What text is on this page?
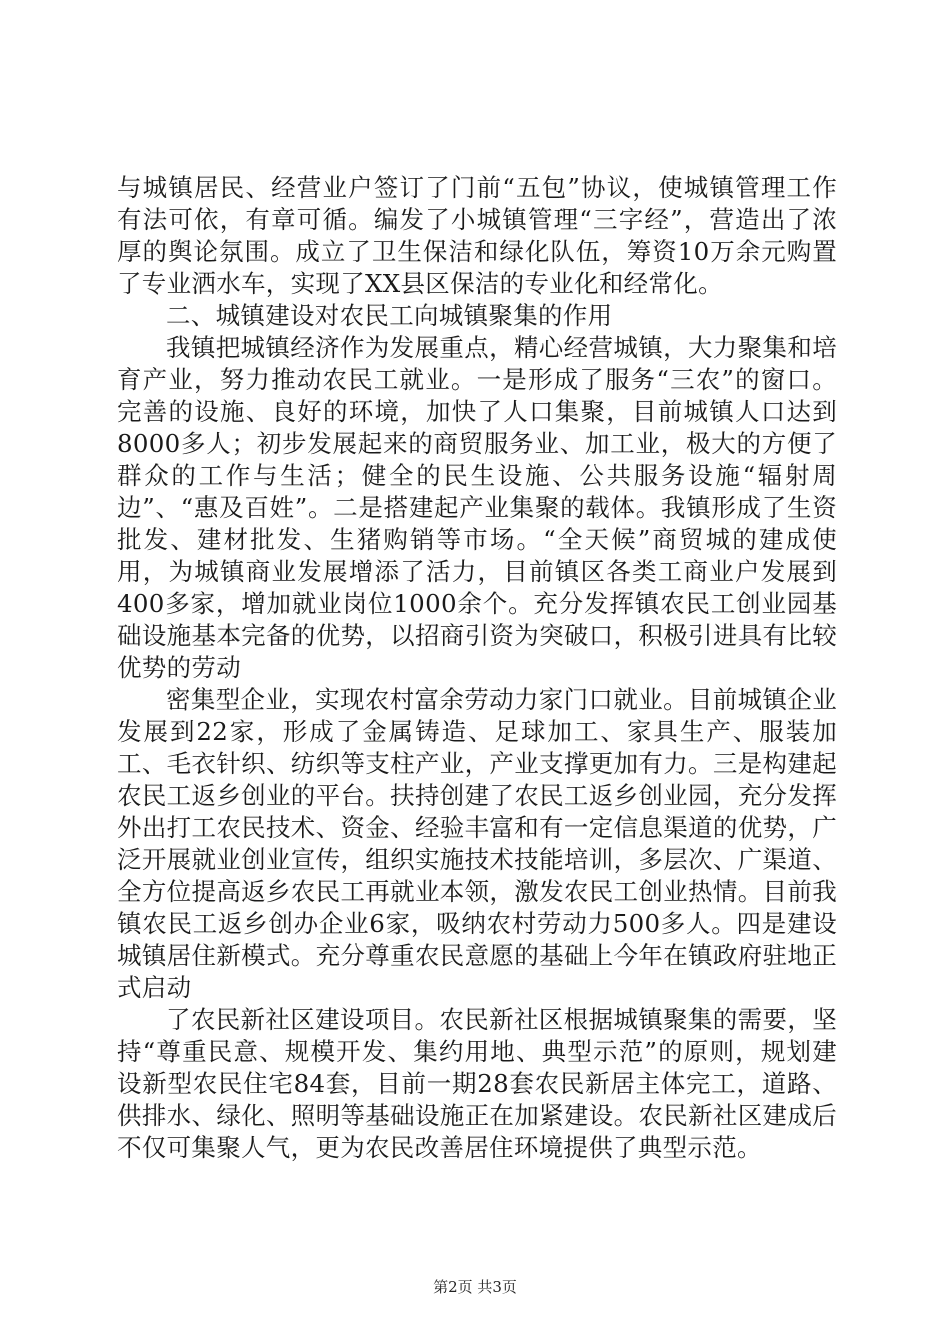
与城镇居民、经营业户签订了门前“五包”协议，使城镇管理工作有法可依，有章可循。编发了小城镇管理“三字经”，营造出了浓厚的舆论氛围。成立了卫生保洁和绿化队伍，筹资10万余元购置了专业洒水车，实现了XX县区保洁的专业化和经常化。

二、城镇建设对农民工向城镇聚集的作用

我镇把城镇经济作为发展重点，精心经营城镇，大力聚集和培育产业，努力推动农民工就业。一是形成了服务“三农”的窗口。完善的设施、良好的环境，加快了人口集聚，目前城镇人口达到8000多人；初步发展起来的商贸服务业、加工业，极大的方便了群众的工作与生活；健全的民生设施、公共服务设施“辐射周边”、“惠及百姓”。二是搭建起产业集聚的载体。我镇形成了生资批发、建材批发、生猪购销等市场。“全天候”商贸城的建成使用，为城镇商业发展增添了活力，目前镇区各类工商业户发展到400多家，增加就业岗位1000余个。充分发挥镇农民工创业园基础设施基本完备的优势，以招商引资为突破口，积极引进具有比较优势的劳动

密集型企业，实现农村富余劳动力家门口就业。目前城镇企业发展到22家，形成了金属铸造、足球加工、家具生产、服装加工、毛衣针织、纺织等支柱产业，产业支撑更加有力。三是构建起农民工返乡创业的平台。扶持创建了农民工返乡创业园，充分发挥外出打工农民技术、资金、经验丰富和有一定信息渠道的优势，广泛开展就业创业宣传，组织实施技术技能培训，多层次、广渠道、全方位提高返乡农民工再就业本领，激发农民工创业热情。目前我镇农民工返乡创办企业6家，吸纳农村劳动力500多人。四是建设城镇居住新模式。充分尊重农民意愿的基础上今年在镇政府驻地正式启动

了农民新社区建设项目。农民新社区根据城镇聚集的需要，坚持“尊重民意、规模开发、集约用地、典型示范”的原则，规划建设新型农民住宅84套，目前一期28套农民新居主体完工，道路、供排水、绿化、照明等基础设施正在加紧建设。农民新社区建成后不仅可集聚人气，更为农民改善居住环境提供了典型示范。

第2页 共3页
